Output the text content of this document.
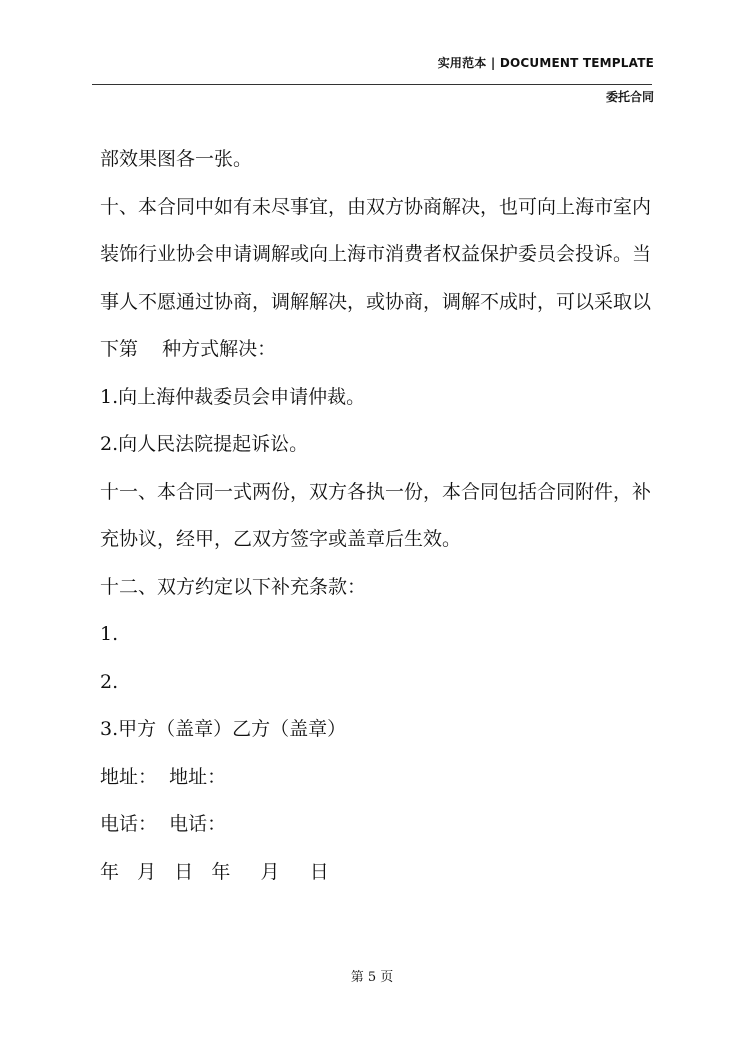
实用范本 | DOCUMENT TEMPLATE
委托合同

部效果图各一张。

十、本合同中如有未尽事宜，由双方协商解决，也可向上海市室内

装饰行业协会申请调解或向上海市消费者权益保护委员会投诉。当

事人不愿通过协商，调解解决，或协商，调解不成时，可以采取以

下第    种方式解决：

1.向上海仲裁委员会申请仲裁。

2.向人民法院提起诉讼。

十一、本合同一式两份，双方各执一份，本合同包括合同附件，补

充协议，经甲，乙双方签字或盖章后生效。

十二、双方约定以下补充条款：

1.

2.

3.甲方（盖章）乙方（盖章）

地址：  地址：

电话：  电话：

年   月   日   年     月     日

第 5 页
